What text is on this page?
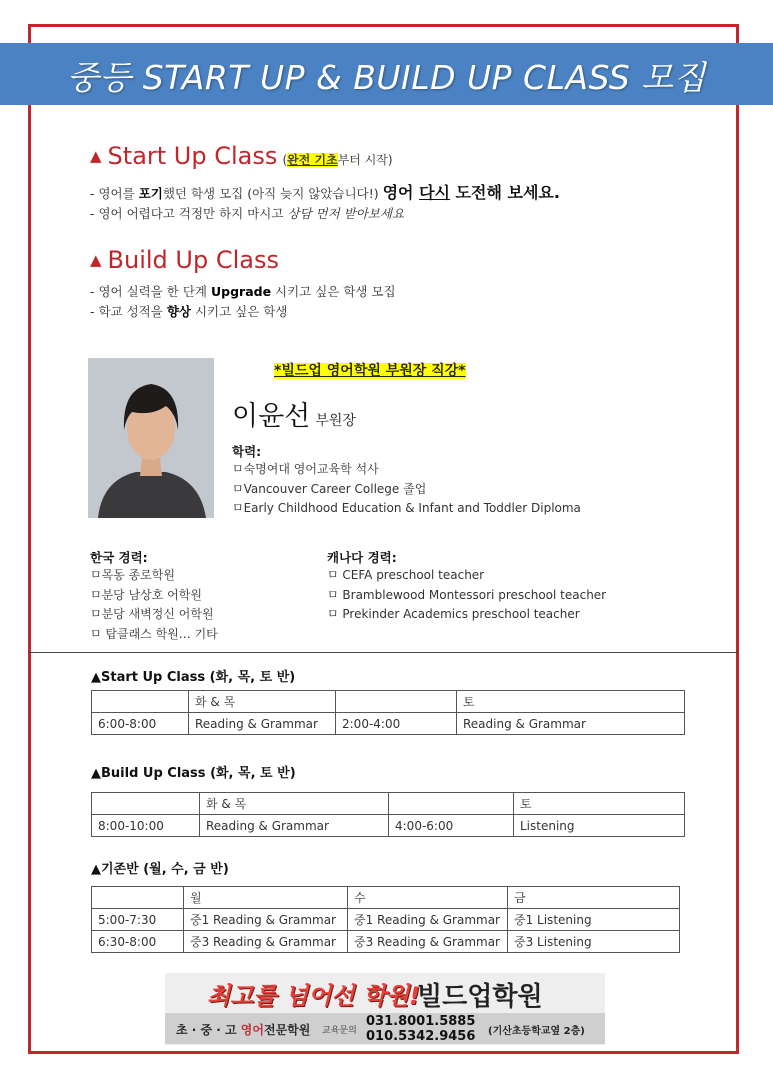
중등 START UP & BUILD UP CLASS 모집
▲ Start Up Class (완전 기초부터 시작)
- 영어를 포기했던 학생 모집 (아직 늦지 않았습니다!) 영어 다시 도전해 보세요.
- 영어 어렵다고 걱정만 하지 마시고 상담 먼저 받아보세요
▲ Build Up Class
- 영어 실력을 한 단계 Upgrade 시키고 싶은 학생 모집
- 학교 성적을 향상 시키고 싶은 학생
*빌드업 영어학원 부원장 직강*
이윤선 부원장
학력:
ㅁ숙명여대 영어교육학 석사
ㅁVancouver Career College 졸업
ㅁEarly Childhood Education & Infant and Toddler Diploma
한국 경력:
ㅁ목동 종로학원
ㅁ분당 남상호 어학원
ㅁ분당 새벽정신 어학원
ㅁ 탑클래스 학원… 기타
캐나다 경력:
ㅁ CEFA preschool teacher
ㅁ Bramblewood Montessori preschool teacher
ㅁ Prekinder Academics preschool teacher
▲Start Up Class (화, 목, 토 반)
	화 & 목		토
6:00-8:00	Reading & Grammar	2:00-4:00	Reading & Grammar
▲Build Up Class (화, 목, 토 반)
	화 & 목		토
8:00-10:00	Reading & Grammar	4:00-6:00	Listening
▲기존반 (월, 수, 금 반)
	월	수	금
5:00-7:30	중1 Reading & Grammar	중1 Reading & Grammar	중1 Listening
6:30-8:00	중3 Reading & Grammar	중3 Reading & Grammar	중3 Listening
최고를 넘어선 학원!
빌드업학원
초 · 중 · 고 영어전문학원 교육문의
031.8001.5885
010.5342.9456 (기산초등학교옆 2층)
